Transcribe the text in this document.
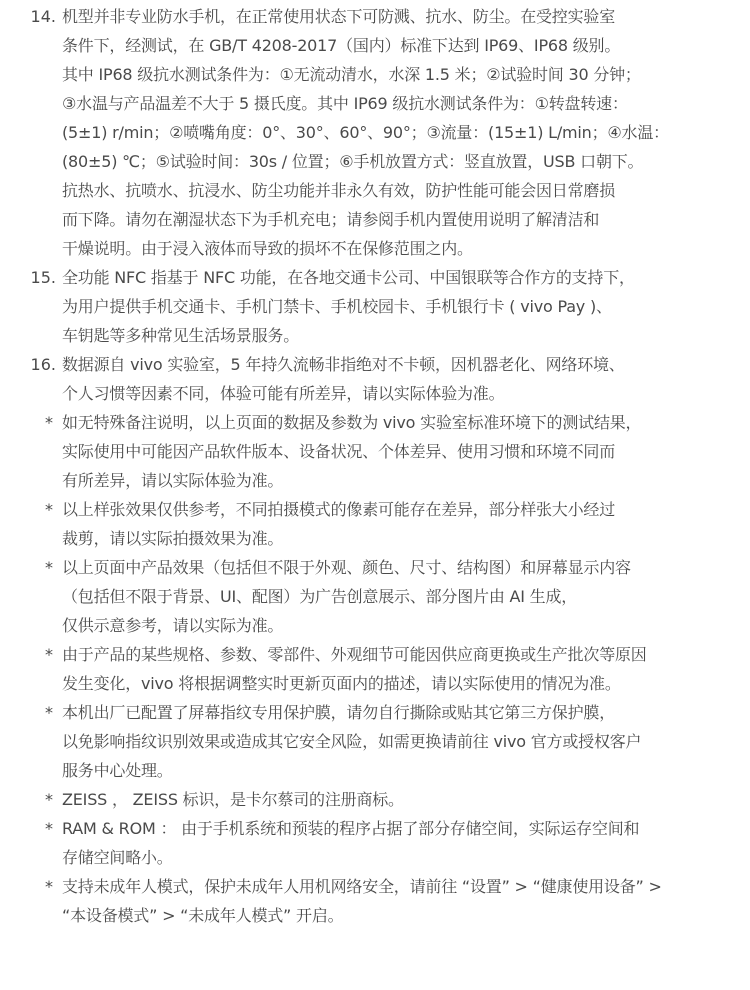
14. 机型并非专业防水手机，在正常使用状态下可防溅、抗水、防尘。在受控实验室
条件下，经测试，在 GB/T 4208-2017（国内）标准下达到 IP69、IP68 级别。
其中 IP68 级抗水测试条件为：①无流动清水，水深 1.5 米；②试验时间 30 分钟；
③水温与产品温差不大于 5 摄氏度。其中 IP69 级抗水测试条件为：①转盘转速：
(5±1) r/min；②喷嘴角度：0°、30°、60°、90°；③流量：(15±1) L/min；④水温：
(80±5) ℃；⑤试验时间：30s / 位置；⑥手机放置方式：竖直放置，USB 口朝下。
抗热水、抗喷水、抗浸水、防尘功能并非永久有效，防护性能可能会因日常磨损
而下降。请勿在潮湿状态下为手机充电；请参阅手机内置使用说明了解清洁和
干燥说明。由于浸入液体而导致的损坏不在保修范围之内。
15. 全功能 NFC 指基于 NFC 功能，在各地交通卡公司、中国银联等合作方的支持下，
为用户提供手机交通卡、手机门禁卡、手机校园卡、手机银行卡 ( vivo Pay )、
车钥匙等多种常见生活场景服务。
16. 数据源自 vivo 实验室，5 年持久流畅非指绝对不卡顿，因机器老化、网络环境、
个人习惯等因素不同，体验可能有所差异，请以实际体验为准。
* 如无特殊备注说明，以上页面的数据及参数为 vivo 实验室标准环境下的测试结果，
实际使用中可能因产品软件版本、设备状况、个体差异、使用习惯和环境不同而
有所差异，请以实际体验为准。
* 以上样张效果仅供参考，不同拍摄模式的像素可能存在差异，部分样张大小经过
裁剪，请以实际拍摄效果为准。
* 以上页面中产品效果（包括但不限于外观、颜色、尺寸、结构图）和屏幕显示内容
（包括但不限于背景、UI、配图）为广告创意展示、部分图片由 AI 生成，
仅供示意参考，请以实际为准。
* 由于产品的某些规格、参数、零部件、外观细节可能因供应商更换或生产批次等原因
发生变化，vivo 将根据调整实时更新页面内的描述，请以实际使用的情况为准。
* 本机出厂已配置了屏幕指纹专用保护膜，请勿自行撕除或贴其它第三方保护膜，
以免影响指纹识别效果或造成其它安全风险，如需更换请前往 vivo 官方或授权客户
服务中心处理。
* ZEISS ， ZEISS 标识，是卡尔蔡司的注册商标。
* RAM & ROM ： 由于手机系统和预装的程序占据了部分存储空间，实际运存空间和
存储空间略小。
* 支持未成年人模式，保护未成年人用机网络安全，请前往 “设置” > “健康使用设备” >
“本设备模式” > “未成年人模式” 开启。
